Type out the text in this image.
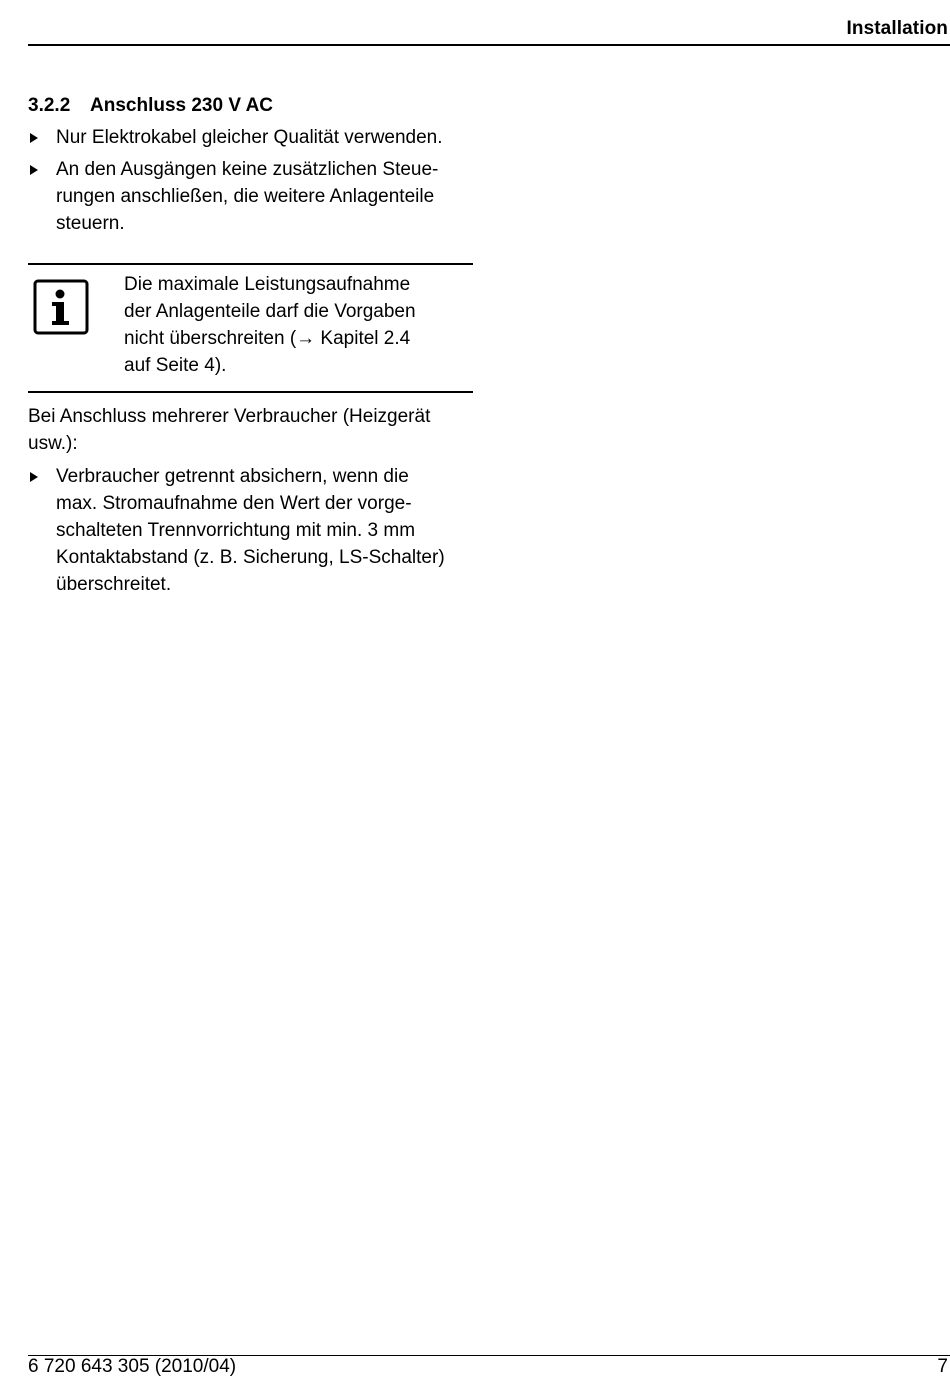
Installation
3.2.2 Anschluss 230 V AC
Nur Elektrokabel gleicher Qualität verwenden.
An den Ausgängen keine zusätzlichen Steue-
rungen anschließen, die weitere Anlagenteile
steuern.
Die maximale Leistungsaufnahme
der Anlagenteile darf die Vorgaben
nicht überschreiten (→ Kapitel 2.4
auf Seite 4).
Bei Anschluss mehrerer Verbraucher (Heizgerät
usw.):
Verbraucher getrennt absichern, wenn die
max. Stromaufnahme den Wert der vorge-
schalteten Trennvorrichtung mit min. 3 mm
Kontaktabstand (z. B. Sicherung, LS-Schalter)
überschreitet.
6 720 643 305 (2010/04)	7
